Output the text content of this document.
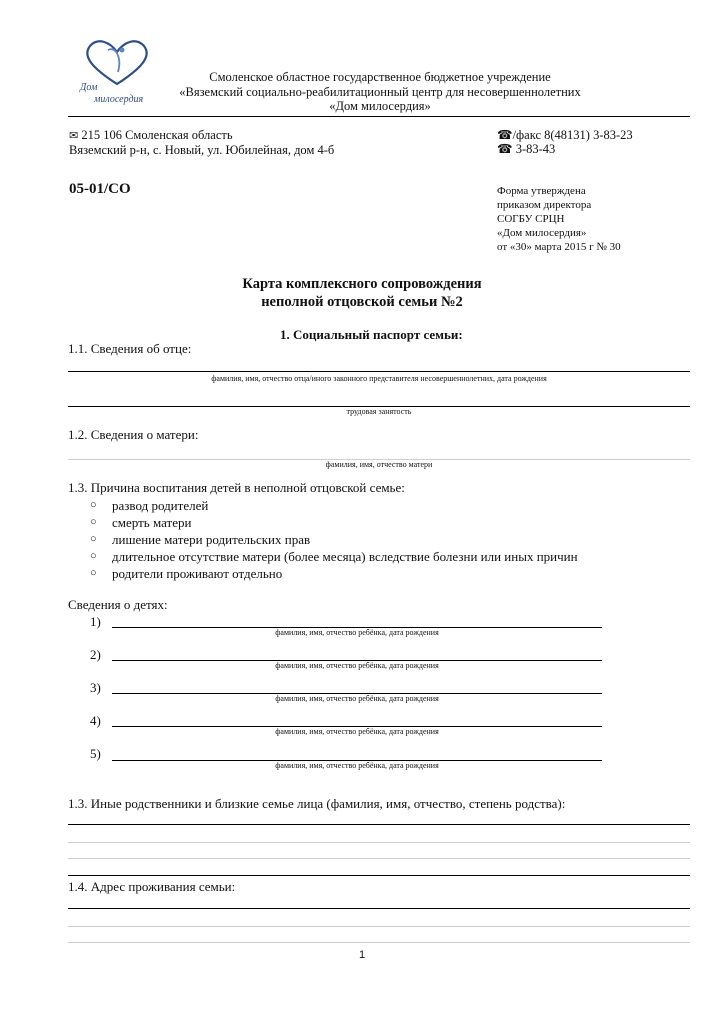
Дом
милосердия
Смоленское областное государственное бюджетное учреждение
«Вяземский социально-реабилитационный центр для несовершеннолетних
«Дом милосердия»
✉ 215 106 Смоленская область
Вяземский р-н, с. Новый, ул. Юбилейная, дом 4-б
☎/факс 8(48131) 3-83-23
☎ 3-83-43
05-01/СО	Форма утверждена
приказом директора
СОГБУ СРЦН
«Дом милосердия»
от «30» марта 2015 г № 30
Карта комплексного сопровождения
неполной отцовской семьи №2
1. Социальный паспорт семьи:
1.1. Сведения об отце:
фамилия, имя, отчество отца/иного законного представителя несовершеннолетних, дата рождения
трудовая занятость
1.2. Сведения о матери:
фамилия, имя, отчество матери
1.3. Причина воспитания детей в неполной отцовской семье:
○ развод родителей
○ смерть матери
○ лишение матери родительских прав
○ длительное отсутствие матери (более месяца) вследствие болезни или иных причин
○ родители проживают отдельно
Сведения о детях:
1)
фамилия, имя, отчество ребёнка, дата рождения
2)
фамилия, имя, отчество ребёнка, дата рождения
3)
фамилия, имя, отчество ребёнка, дата рождения
4)
фамилия, имя, отчество ребёнка, дата рождения
5)
фамилия, имя, отчество ребёнка, дата рождения
1.3. Иные родственники и близкие семье лица (фамилия, имя, отчество, степень родства):
1.4. Адрес проживания семьи:
1
